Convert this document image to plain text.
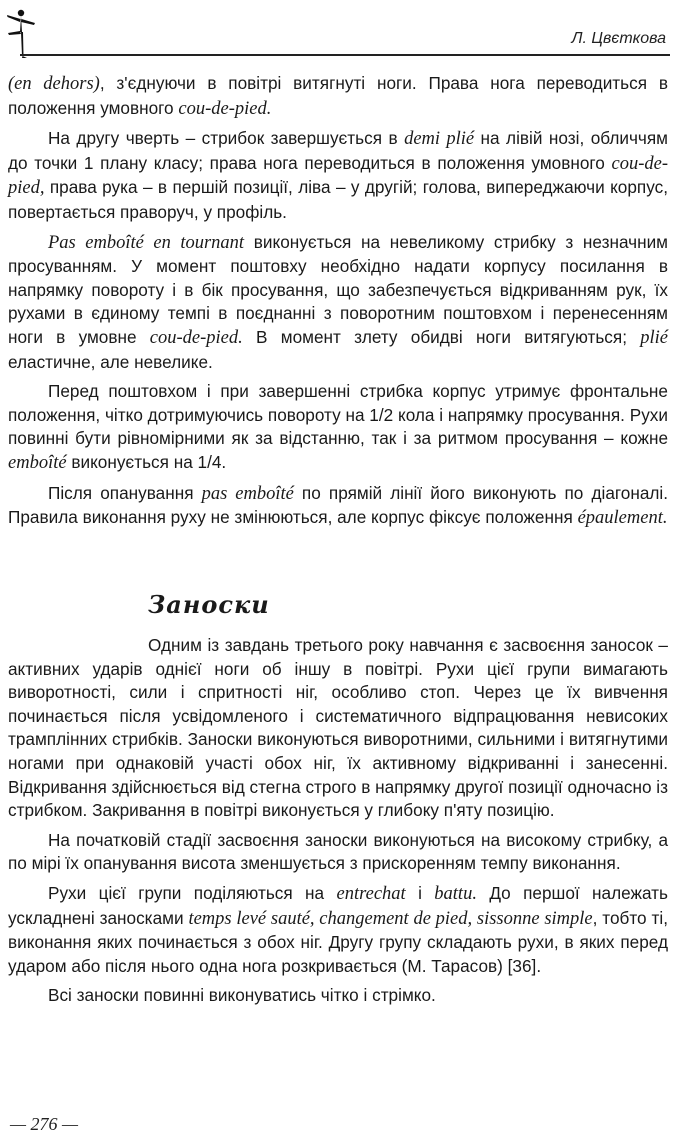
Л. Цвєткова

(en dehors), з'єднуючи в повітрі витягнуті ноги. Права нога переводиться в положення умовного cou-de-pied.

На другу чверть – стрибок завершується в demi plié на лівій нозі, обличчям до точки 1 плану класу; права нога переводиться в положення умовного cou-de-pied, права рука – в першій позиції, ліва – у другій; голова, випереджаючи корпус, повертається праворуч, у профіль.

Pas emboîté en tournant виконується на невеликому стрибку з незначним просуванням. У момент поштовху необхідно надати корпусу посилання в напрямку повороту і в бік просування, що забезпечується відкриванням рук, їх рухами в єдиному темпі в поєднанні з поворотним поштовхом і перенесенням ноги в умовне cou-de-pied. В момент злету обидві ноги витягуються; plié еластичне, але невелике.

Перед поштовхом і при завершенні стрибка корпус утримує фронтальне положення, чітко дотримуючись повороту на 1/2 кола і напрямку просування. Рухи повинні бути рівномірними як за відстанню, так і за ритмом просування – кожне emboîté виконується на 1/4.

Після опанування pas emboîté по прямій лінії його виконують по діагоналі. Правила виконання руху не змінюються, але корпус фіксує положення épaulement.

Заноски

Одним із завдань третього року навчання є засвоєння заносок – активних ударів однієї ноги об іншу в повітрі. Рухи цієї групи вимагають виворотності, сили і спритності ніг, особливо стоп. Через це їх вивчення починається після усвідомленого і систематичного відпрацювання невисоких трамплінних стрибків. Заноски виконуються виворотними, сильними і витягнутими ногами при однаковій участі обох ніг, їх активному відкриванні і занесенні. Відкривання здійснюється від стегна строго в напрямку другої позиції одночасно із стрибком. Закривання в повітрі виконується у глибоку п'яту позицію.

На початковій стадії засвоєння заноски виконуються на високому стрибку, а по мірі їх опанування висота зменшується з прискоренням темпу виконання.

Рухи цієї групи поділяються на entrechat і battu. До першої належать ускладнені заносками temps levé sauté, changement de pied, sissonne simple, тобто ті, виконання яких починається з обох ніг. Другу групу складають рухи, в яких перед ударом або після нього одна нога розкривається (М. Тарасов) [36].

Всі заноски повинні виконуватись чітко і стрімко.

— 276 —
